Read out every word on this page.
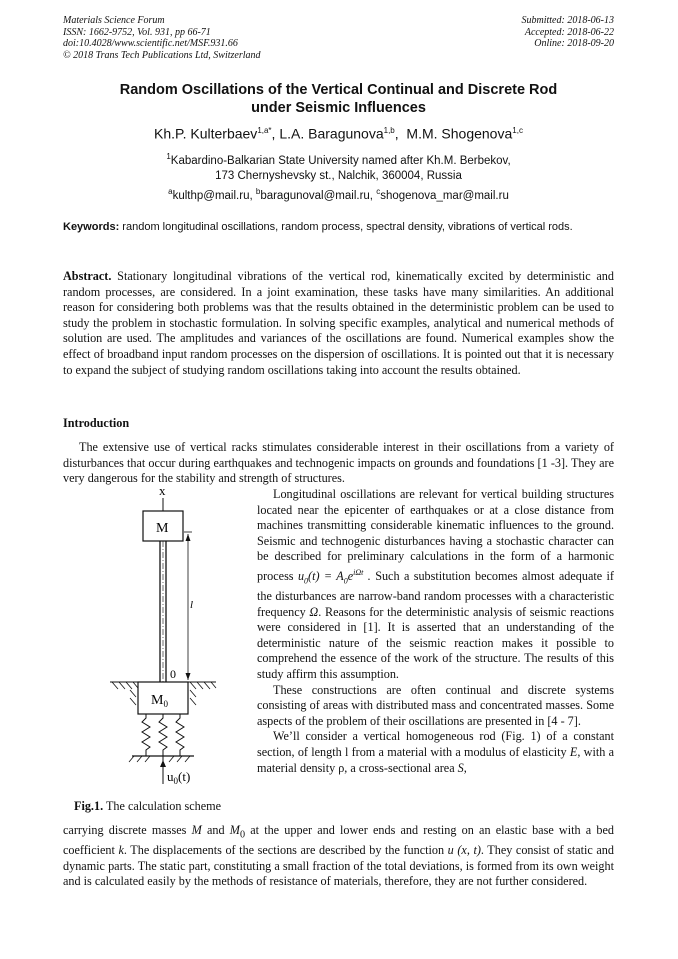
Materials Science Forum
ISSN: 1662-9752, Vol. 931, pp 66-71
doi:10.4028/www.scientific.net/MSF.931.66
© 2018 Trans Tech Publications Ltd, Switzerland
Submitted: 2018-06-13
Accepted: 2018-06-22
Online: 2018-09-20
Random Oscillations of the Vertical Continual and Discrete Rod
under Seismic Influences
Kh.P. Kulterbaev$^{1,a*}$, L.A. Baragunova$^{1,b}$,  M.M. Shogenova$^{1,c}$
$^1$Kabardino-Balkarian State University named after Kh.M. Berbekov,
173 Chernyshevsky st., Nalchik, 360004, Russia
$^a$kulthp@mail.ru, $^b$baragunoval@mail.ru, $^c$shogenova_mar@mail.ru
Keywords: random longitudinal oscillations, random process, spectral density, vibrations of vertical rods.
Abstract. Stationary longitudinal vibrations of the vertical rod, kinematically excited by deterministic and random processes, are considered. In a joint examination, these tasks have many similarities. An additional reason for considering both problems was that the results obtained in the deterministic problem can be used to study the problem in stochastic formulation. In solving specific examples, analytical and numerical methods of solution are used. The amplitudes and variances of the oscillations are found. Numerical examples show the effect of broadband input random processes on the dispersion of oscillations. It is pointed out that it is necessary to expand the subject of studying random oscillations taking into account the results obtained.
Introduction
The extensive use of vertical racks stimulates considerable interest in their oscillations from a variety of disturbances that occur during earthquakes and technogenic impacts on grounds and foundations [1 -3]. They are very dangerous for the stability and strength of structures.

Longitudinal oscillations are relevant for vertical building structures located near the epicenter of earthquakes or at a close distance from machines transmitting considerable kinematic influences to the ground. Seismic and technogenic disturbances having a stochastic character can be described for preliminary calculations in the form of a harmonic process $u_0(t) = A_0e^{i\Omega t}$ . Such a substitution becomes almost adequate if the disturbances are narrow-band random processes with a characteristic frequency Ω. Reasons for the deterministic analysis of seismic reactions were considered in [1]. It is asserted that an understanding of the deterministic nature of the seismic reaction makes it possible to comprehend the essence of the work of the structure. The results of this study affirm this assumption.

These constructions are often continual and discrete systems consisting of areas with distributed mass and concentrated masses. Some aspects of the problem of their oscillations are presented in [4 - 7].

We’ll consider a vertical homogeneous rod (Fig. 1) of a constant section, of length l from a material with a modulus of elasticity E, with a material density ρ, a cross-sectional area S,

x
M
l
0
$M_0$
$u_0(t)$
Fig.1. The calculation scheme
carrying discrete masses M and $M_0$ at the upper and lower ends and resting on an elastic base with a bed coefficient k. The displacements of the sections are described by the function u (x, t). They consist of static and dynamic parts. The static part, constituting a small fraction of the total deviations, is formed from its own weight and is calculated easily by the methods of resistance of materials, therefore, they are not further considered.
